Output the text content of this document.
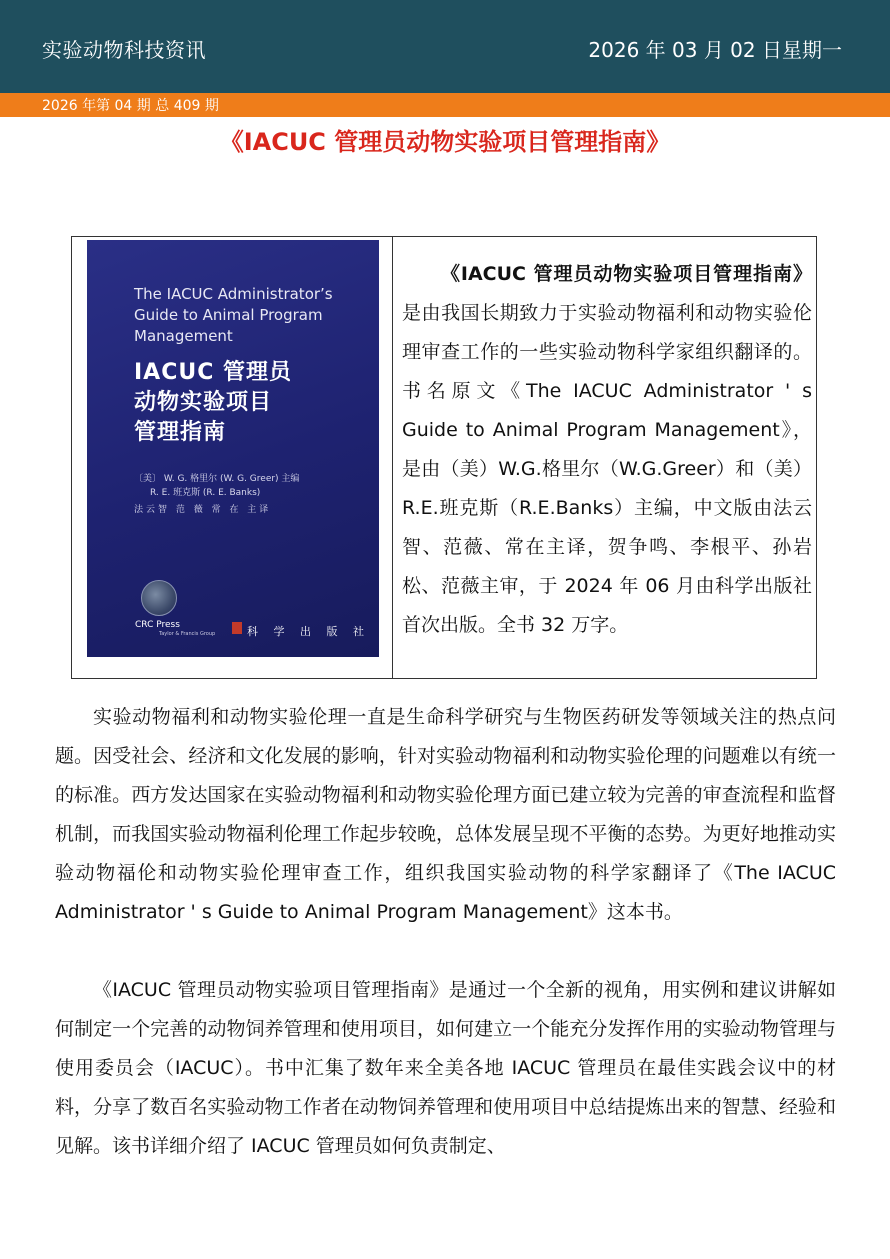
实验动物科技资讯	2026 年 03 月 02 日星期一
2026 年第 04 期 总 409 期
《IACUC 管理员动物实验项目管理指南》
The IACUC Administrator’s Guide to Animal Program Management
IACUC 管理员
动物实验项目
管理指南
〔美〕 W. G. 格里尔 (W. G. Greer) 主编
R. E. 班克斯 (R. E. Banks)
法云智 范 薇 常 在 主译
CRC Press
Taylor & Francis Group	科 学 出 版 社
《IACUC 管理员动物实验项目管理指南》是由我国长期致力于实验动物福利和动物实验伦理审查工作的一些实验动物科学家组织翻译的。书名原文《The IACUC Administrator ' s Guide to Animal Program Management》，是由（美）W.G.格里尔（W.G.Greer）和（美）R.E.班克斯（R.E.Banks）主编，中文版由法云智、范薇、常在主译，贺争鸣、李根平、孙岩松、范薇主审，于 2024 年 06 月由科学出版社首次出版。全书 32 万字。
实验动物福利和动物实验伦理一直是生命科学研究与生物医药研发等领域关注的热点问题。因受社会、经济和文化发展的影响，针对实验动物福利和动物实验伦理的问题难以有统一的标准。西方发达国家在实验动物福利和动物实验伦理方面已建立较为完善的审查流程和监督机制，而我国实验动物福利伦理工作起步较晚，总体发展呈现不平衡的态势。为更好地推动实验动物福伦和动物实验伦理审查工作，组织我国实验动物的科学家翻译了《The IACUC Administrator ' s Guide to Animal Program Management》这本书。
《IACUC 管理员动物实验项目管理指南》是通过一个全新的视角，用实例和建议讲解如何制定一个完善的动物饲养管理和使用项目，如何建立一个能充分发挥作用的实验动物管理与使用委员会（IACUC）。书中汇集了数年来全美各地 IACUC 管理员在最佳实践会议中的材料，分享了数百名实验动物工作者在动物饲养管理和使用项目中总结提炼出来的智慧、经验和见解。该书详细介绍了 IACUC 管理员如何负责制定、
